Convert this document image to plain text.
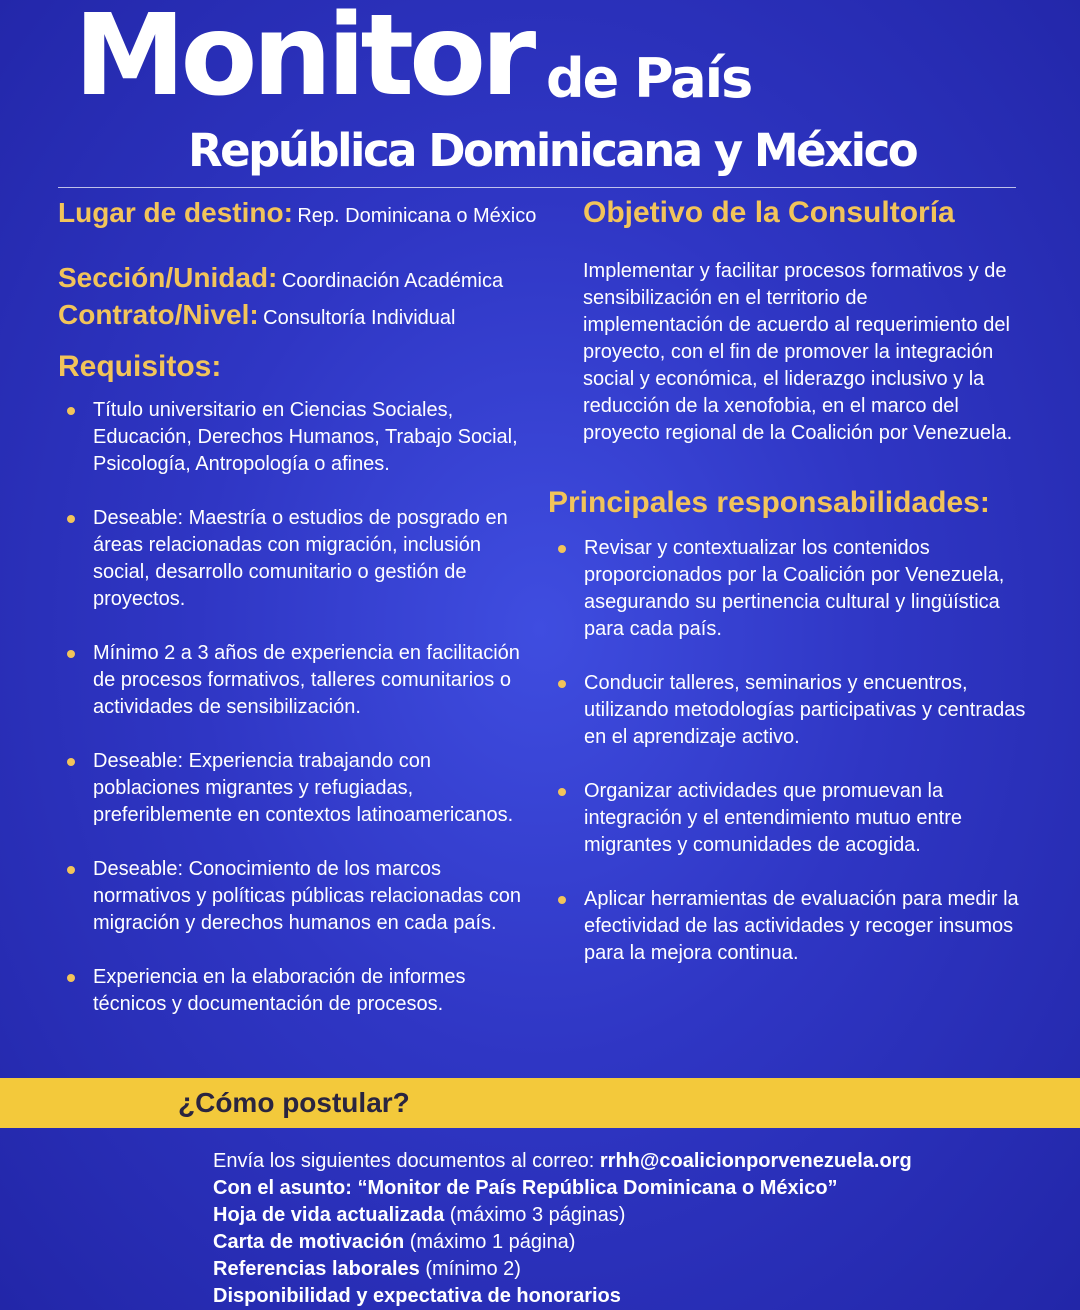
Monitor de País
República Dominicana y México
Lugar de destino: Rep. Dominicana o México
Sección/Unidad: Coordinación Académica
Contrato/Nivel: Consultoría Individual
Requisitos:
Título universitario en Ciencias Sociales, Educación, Derechos Humanos, Trabajo Social, Psicología, Antropología o afines.
Deseable: Maestría o estudios de posgrado en áreas relacionadas con migración, inclusión social, desarrollo comunitario o gestión de proyectos.
Mínimo 2 a 3 años de experiencia en facilitación de procesos formativos, talleres comunitarios o actividades de sensibilización.
Deseable: Experiencia trabajando con poblaciones migrantes y refugiadas, preferiblemente en contextos latinoamericanos.
Deseable: Conocimiento de los marcos normativos y políticas públicas relacionadas con migración y derechos humanos en cada país.
Experiencia en la elaboración de informes técnicos y documentación de procesos.
Objetivo de la Consultoría
Implementar y facilitar procesos formativos y de sensibilización en el territorio de implementación de acuerdo al requerimiento del proyecto, con el fin de promover la integración social y económica, el liderazgo inclusivo y la reducción de la xenofobia, en el marco del proyecto regional de la Coalición por Venezuela.
Principales responsabilidades:
Revisar y contextualizar los contenidos proporcionados por la Coalición por Venezuela, asegurando su pertinencia cultural y lingüística para cada país.
Conducir talleres, seminarios y encuentros, utilizando metodologías participativas y centradas en el aprendizaje activo.
Organizar actividades que promuevan la integración y el entendimiento mutuo entre migrantes y comunidades de acogida.
Aplicar herramientas de evaluación para medir la efectividad de las actividades y recoger insumos para la mejora continua.
¿Cómo postular?
Envía los siguientes documentos al correo: rrhh@coalicionporvenezuela.org
Con el asunto: “Monitor de País República Dominicana o México”
Hoja de vida actualizada (máximo 3 páginas)
Carta de motivación (máximo 1 página)
Referencias laborales (mínimo 2)
Disponibilidad y expectativa de honorarios
